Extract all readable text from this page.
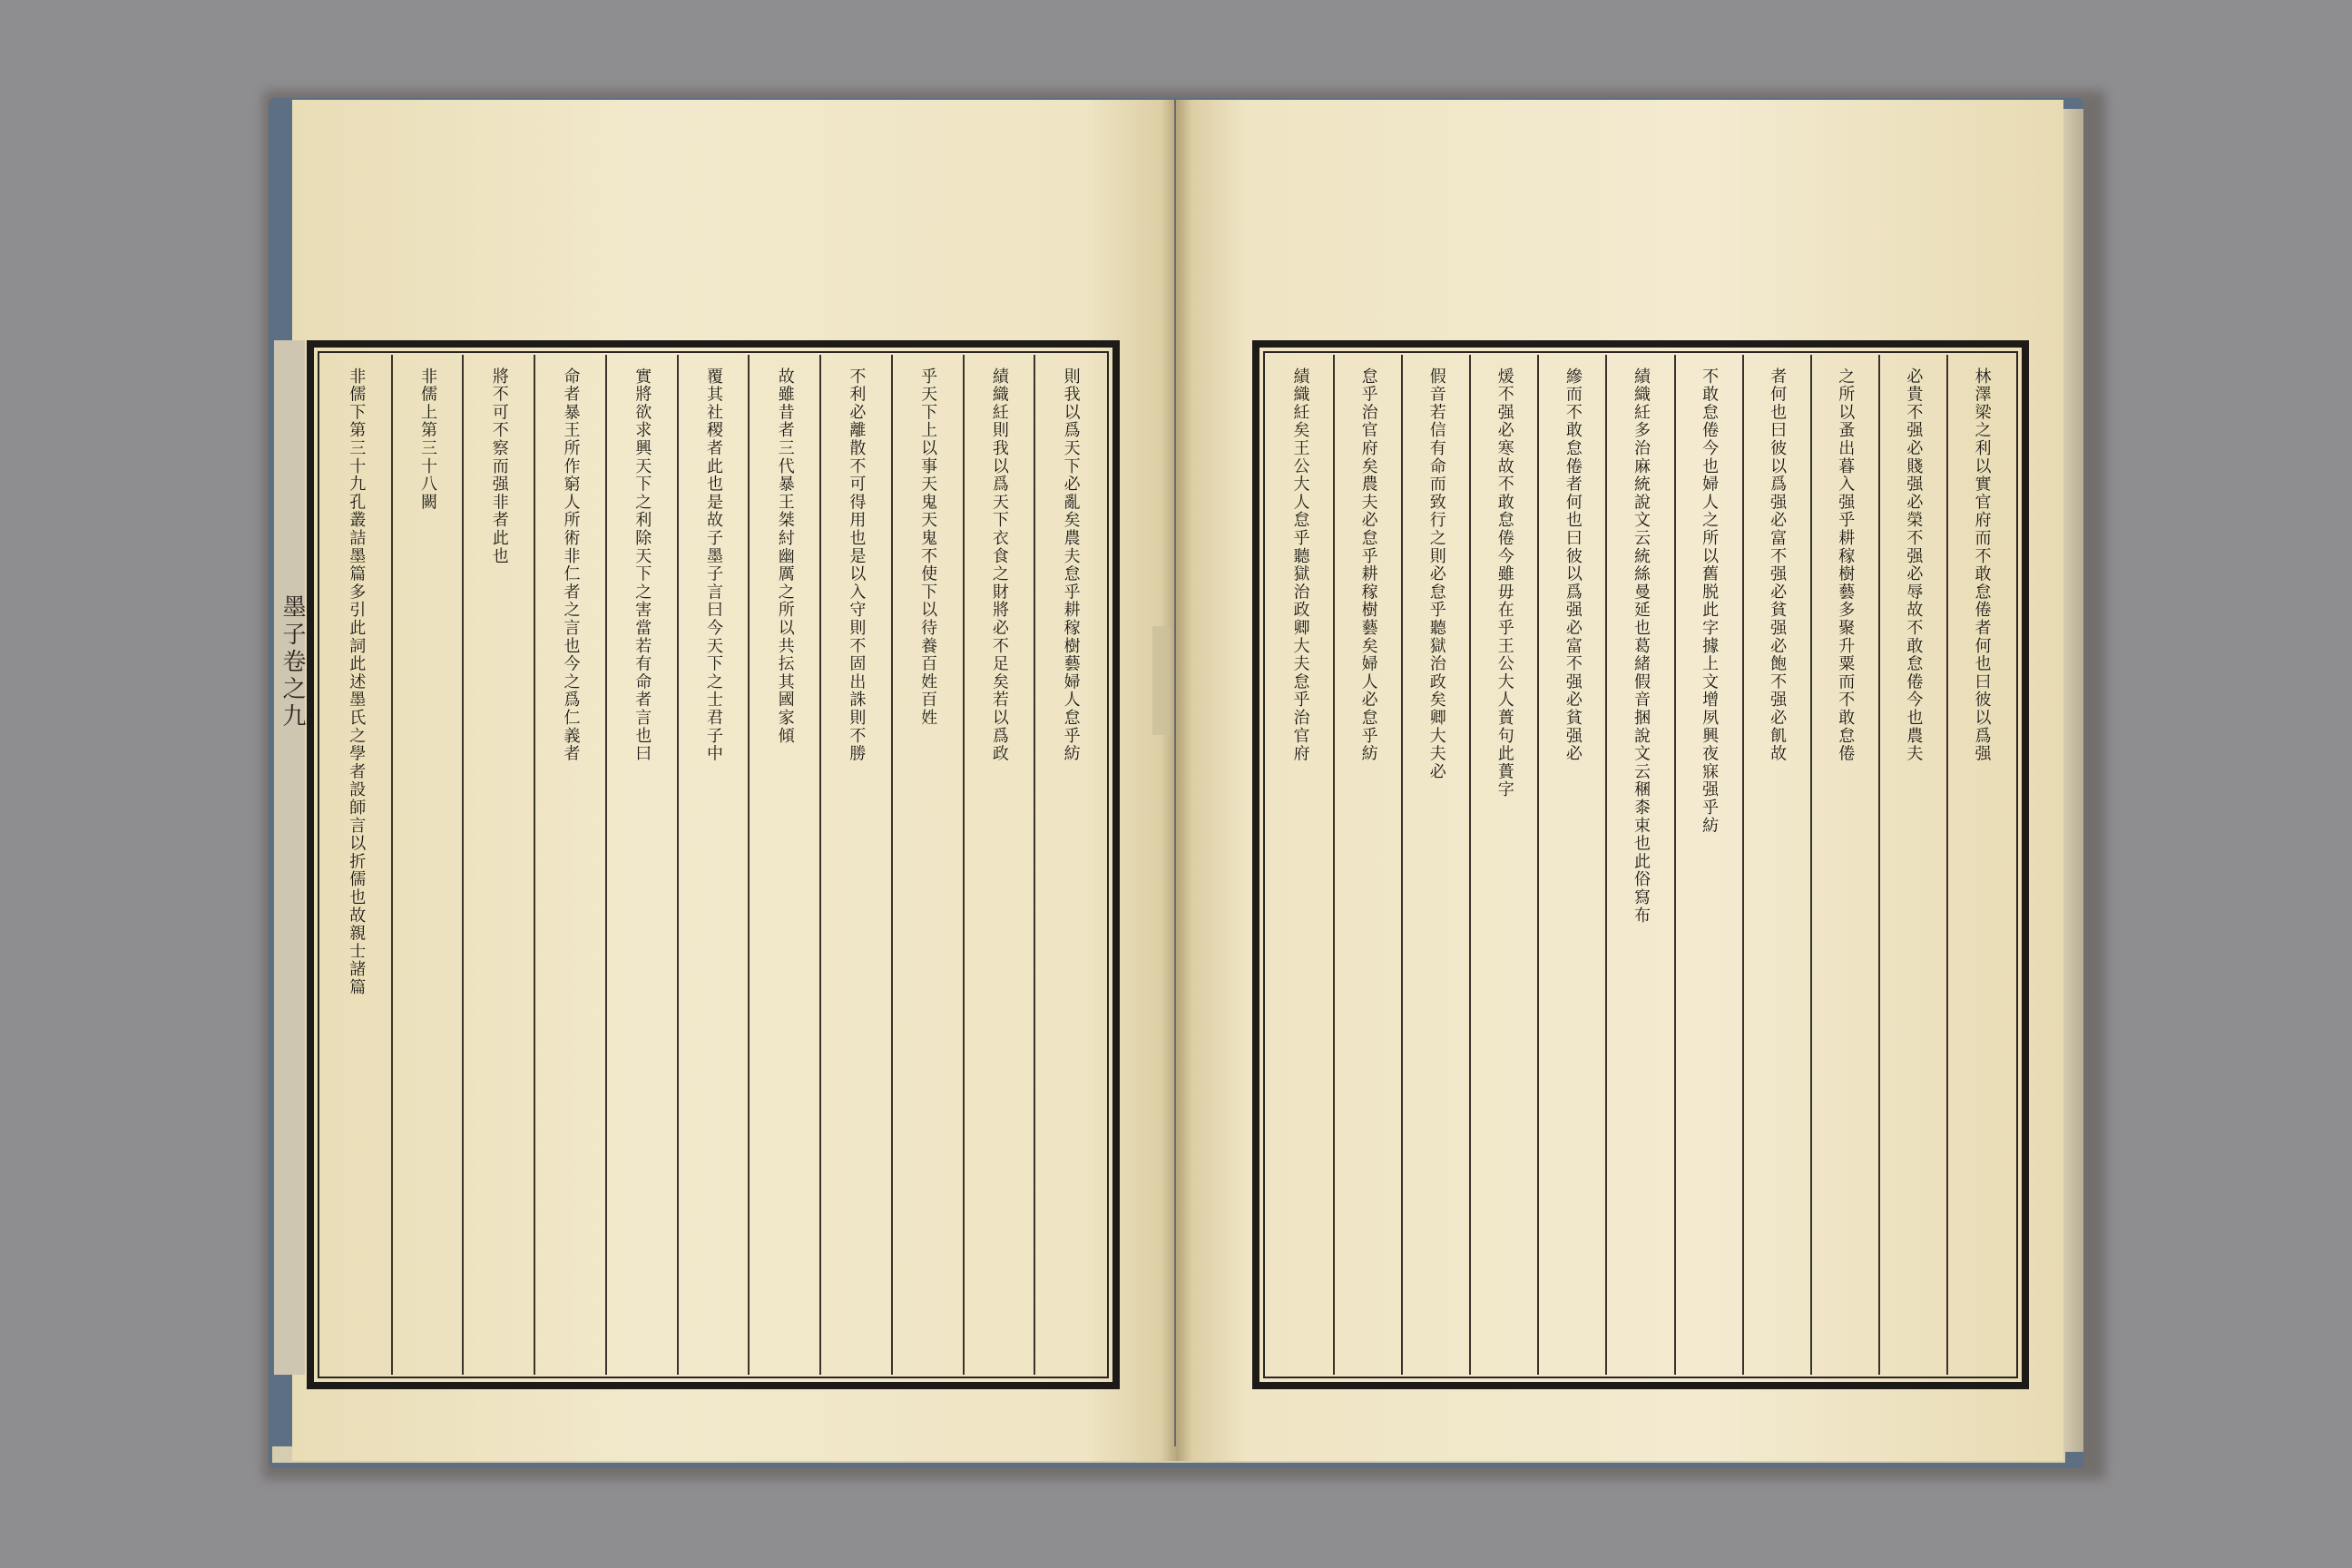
墨子卷之九	則我以爲天下必亂矣農夫怠乎耕稼樹藝婦人怠乎紡
績織紝則我以爲天下衣食之財將必不足矣若以爲政
乎天下上以事天鬼天鬼不使下以待養百姓百姓
不利必離散不可得用也是以入守則不固出誅則不勝
故雖昔者三代暴王桀紂幽厲之所以共抎其國家傾
覆其社稷者此也是故子墨子言曰今天下之士君子中
實將欲求興天下之利除天下之害當若有命者言也曰
命者暴王所作窮人所術非仁者之言也今之爲仁義者
將不可不察而强非者此也
非儒上第三十八闕
非儒下第三十九孔叢詰墨篇多引此詞此述墨氏之學者設師言以折儒也故親士諸篇	林澤梁之利以實官府而不敢怠倦者何也曰彼以爲强
必貴不强必賤强必榮不强必辱故不敢怠倦今也農夫
之所以蚤出暮入强乎耕稼樹藝多聚升粟而不敢怠倦
者何也曰彼以爲强必富不强必貧强必飽不强必飢故
不敢怠倦今也婦人之所以舊脱此字據上文增夙興夜寐强乎紡
績織紝多治麻統說文云統絲曼延也葛緒假音捆說文云稛桼束也此俗寫布
縿而不敢怠倦者何也曰彼以爲强必富不强必貧强必
煖不强必寒故不敢怠倦今雖毋在乎王公大人蕢句此蕢字
假音若信有命而致行之則必怠乎聽獄治政矣卿大夫必
怠乎治官府矣農夫必怠乎耕稼樹藝矣婦人必怠乎紡
績織紝矣王公大人怠乎聽獄治政卿大夫怠乎治官府
